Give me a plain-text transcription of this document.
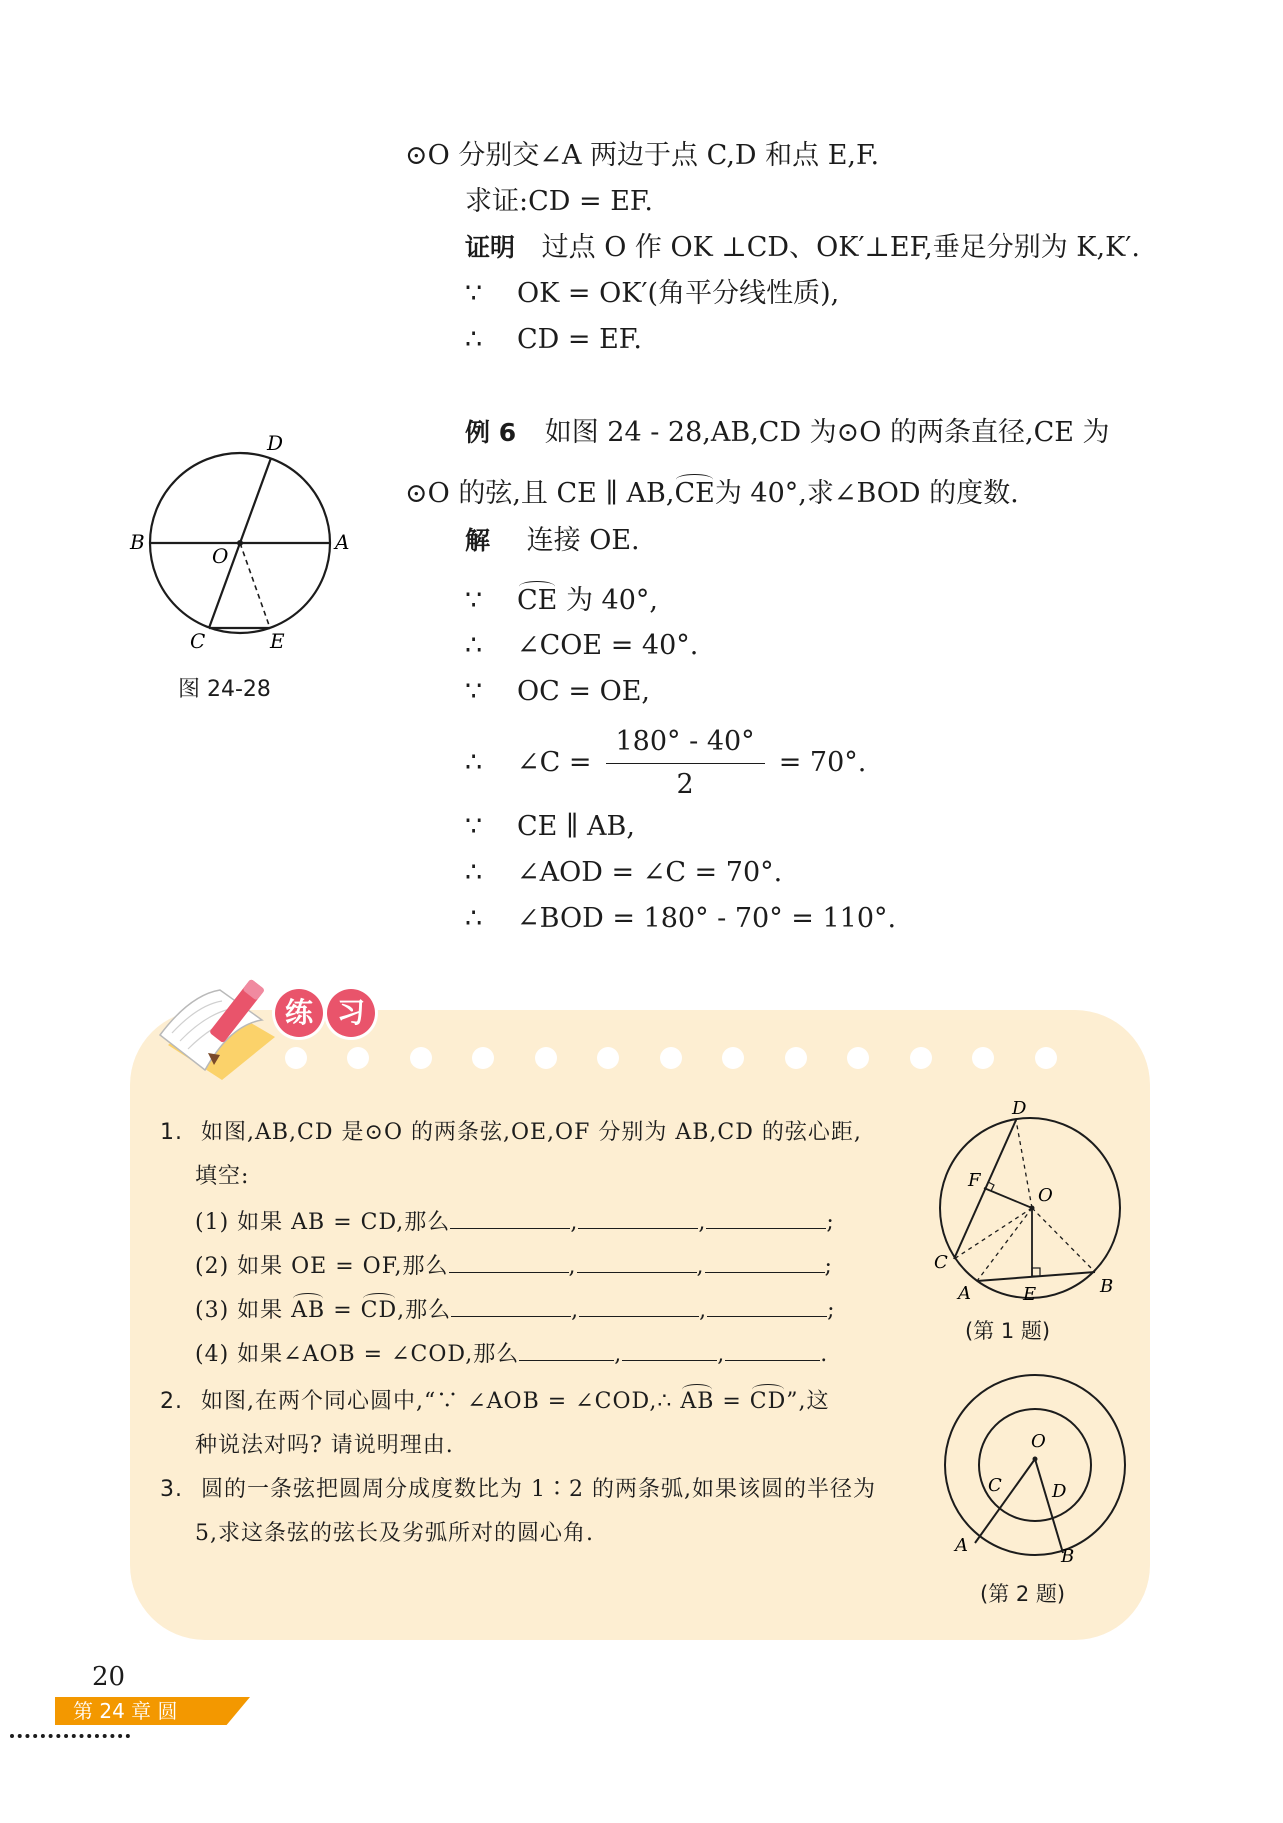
⊙O 分别交∠A 两边于点 C,D 和点 E,F.
求证:CD = EF.
证明 过点 O 作 OK ⊥CD、OK′⊥EF,垂足分别为 K,K′.
∵ OK = OK′(角平分线性质),
∴ CD = EF.
例 6 如图 24 - 28,AB,CD 为⊙O 的两条直径,CE 为
⊙O 的弦,且 CE ∥ AB,CE为 40°,求∠BOD 的度数.
解 连接 OE.
∵ CE 为 40°,
∴ ∠COE = 40°.
∵ OC = OE,
∴	∠C = $\frac{180^\circ - 40^\circ}{2} = 70^\circ$.
∵ CE ∥ AB,
∴ ∠AOD = ∠C = 70°.
∴ ∠BOD = 180° - 70° = 110°.
D
B
O
A
C	E
图 24-28
练 习
1. 如图,AB,CD 是⊙O 的两条弦,OE,OF 分别为 AB,CD 的弦心距,
填空:
(1) 如果 AB = CD,那么	,	,	;
(2) 如果 OE = OF,那么	,	,	;
(3) 如果 AB = CD,那么	,	,	;
(4) 如果∠AOB = ∠COD,那么	,	,	.
2. 如图,在两个同心圆中,“∵ ∠AOB = ∠COD,∴ AB = CD”,这
种说法对吗? 请说明理由.
3. 圆的一条弦把圆周分成度数比为 1∶2 的两条弧,如果该圆的半径为
5,求这条弦的弦长及劣弧所对的圆心角.
D
F
O
C
A	E	B
(第 1 题)
O
C	D
A
B
(第 2 题)
20
第 24 章 圆
